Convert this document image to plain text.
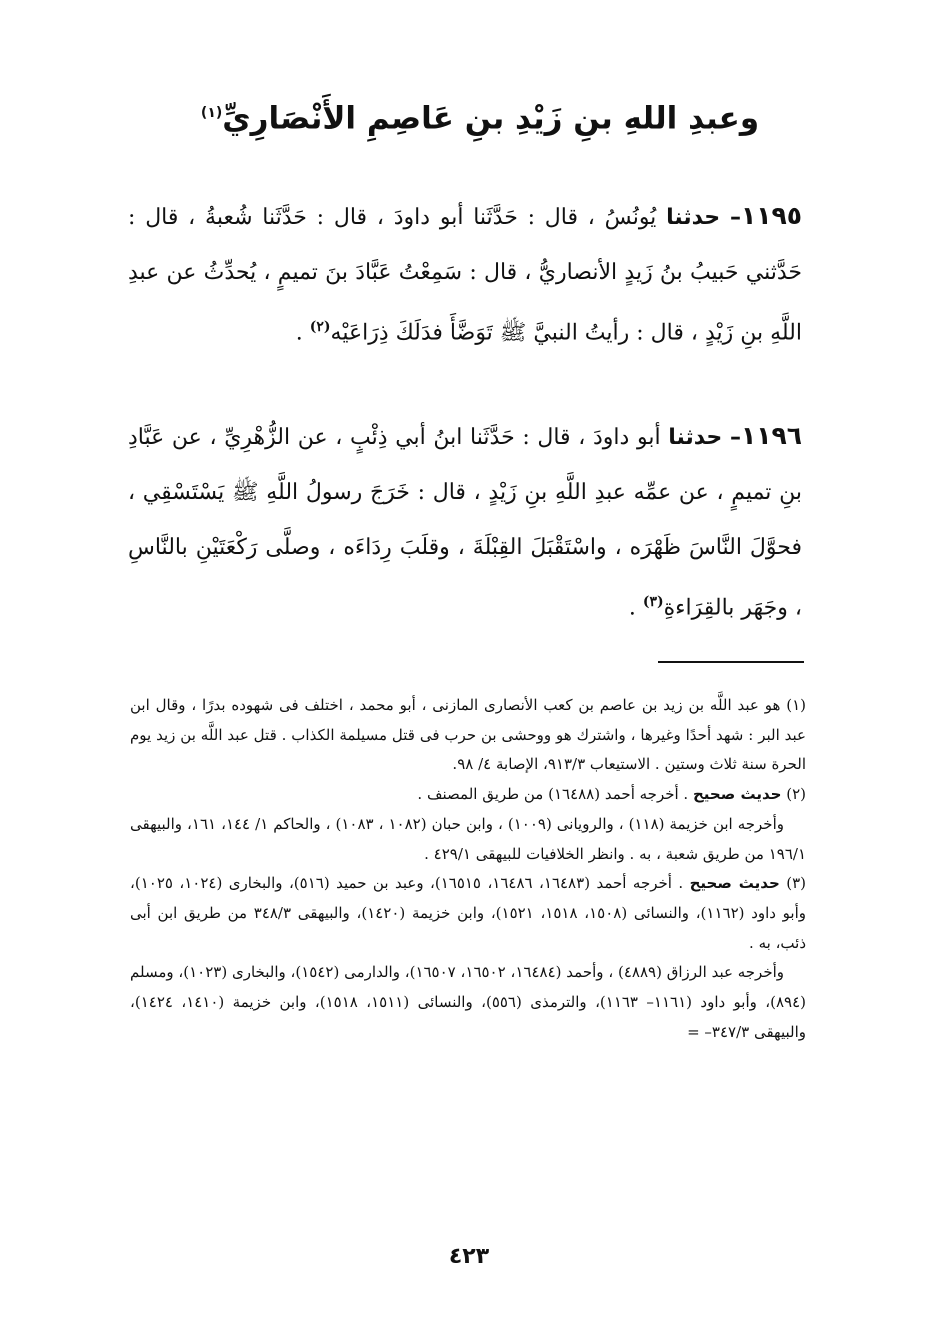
وعبدِ اللهِ بنِ زَيْدِ بنِ عَاصِمِ الأَنْصَارِيِّ$^{(١)}$

١١٩٥– حدثنا يُونُسُ ، قال : حَدَّثَنا أبو داودَ ، قال : حَدَّثَنا شُعبةُ ، قال : حَدَّثني حَبيبُ بنُ زَيدٍ الأنصاريُّ ، قال : سَمِعْتُ عَبَّادَ بنَ تميمٍ ، يُحدِّثُ عن عبدِ اللَّهِ بنِ زَيْدٍ ، قال : رأيتُ النبيَّ ﷺ تَوَضَّأَ فدَلَكَ ذِرَاعَيْه$^{(٢)}$ .

١١٩٦– حدثنا أبو داودَ ، قال : حَدَّثَنا ابنُ أبي ذِئْبٍ ، عن الزُّهْرِيِّ ، عن عَبَّادِ بنِ تميمٍ ، عن عمِّه عبدِ اللَّهِ بنِ زَيْدٍ ، قال : خَرَجَ رسولُ اللَّهِ ﷺ يَسْتَسْقِي ، فحوَّلَ النَّاسَ ظَهْرَه ، واسْتَقْبَلَ القِبْلَةَ ، وقلَبَ رِدَاءَه ، وصلَّى رَكْعَتَيْنِ بالنَّاسِ ، وجَهَر بالقِرَاءةِ$^{(٣)}$ .

(١) هو عبد اللَّه بن زيد بن عاصم بن كعب الأنصارى المازنى ، أبو محمد ، اختلف فى شهوده بدرًا ، وقال ابن عبد البر : شهد أحدًا وغيرها ، واشترك هو ووحشى بن حرب فى قتل مسيلمة الكذاب . قتل عبد اللَّه بن زيد يوم الحرة سنة ثلاث وستين . الاستيعاب ٩١٣/٣، الإصابة ٤/ ٩٨.

(٢) حديث صحيح . أخرجه أحمد (١٦٤٨٨) من طريق المصنف .

وأخرجه ابن خزيمة (١١٨) ، والرويانى (١٠٠٩) ، وابن حبان (١٠٨٢ ، ١٠٨٣) ، والحاكم ١/ ١٤٤، ١٦١، والبيهقى ١٩٦/١ من طريق شعبة ، به . وانظر الخلافيات للبيهقى ٤٢٩/١ .

(٣) حديث صحيح . أخرجه أحمد (١٦٤٨٣، ١٦٤٨٦، ١٦٥١٥)، وعبد بن حميد (٥١٦)، والبخارى (١٠٢٤، ١٠٢٥)، وأبو داود (١١٦٢)، والنسائى (١٥٠٨، ١٥١٨، ١٥٢١)، وابن خزيمة (١٤٢٠)، والبيهقى ٣٤٨/٣ من طريق ابن أبى ذئب، به .

وأخرجه عبد الرزاق (٤٨٨٩) ، وأحمد (١٦٤٨٤، ١٦٥٠٢، ١٦٥٠٧)، والدارمى (١٥٤٢)، والبخارى (١٠٢٣)، ومسلم (٨٩٤)، وأبو داود (١١٦١– ١١٦٣)، والترمذى (٥٥٦)، والنسائى (١٥١١، ١٥١٨)، وابن خزيمة (١٤١٠، ١٤٢٤)، والبيهقى ٣٤٧/٣– =

٤٢٣
